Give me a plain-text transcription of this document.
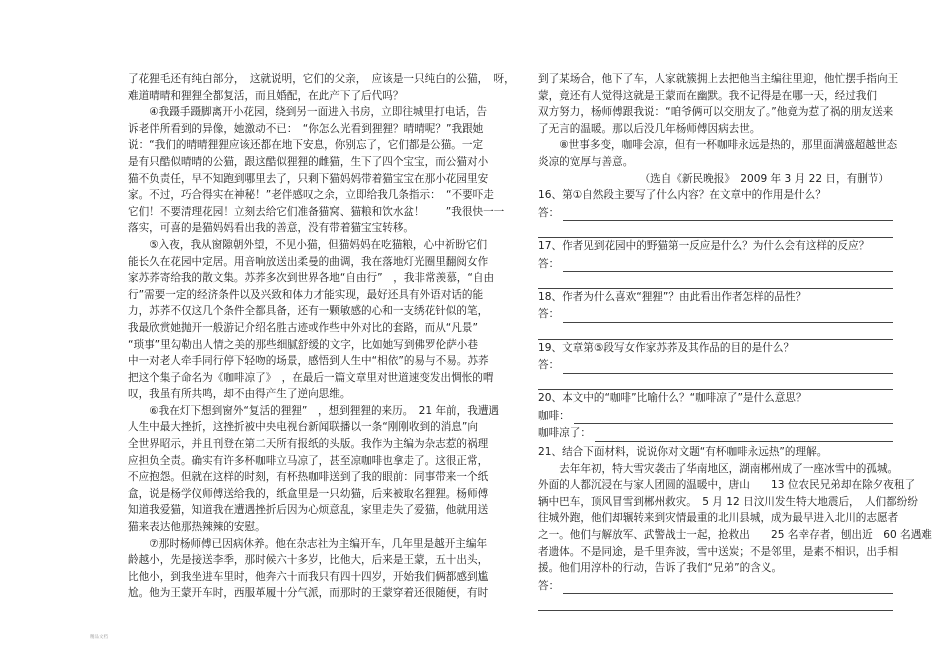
了花狸毛还有纯白部分，　这就说明，它们的父亲，　应该是一只纯白的公猫，　呀，

难道晴晴和狸狸全都复活，而且婚配，在此产下了后代吗？

　　④我蹑手蹑脚离开小花园，绕到另一面进入书房，立即往城里打电话，告

诉老伴所看到的异像，她激动不已：　“你怎么光看到狸狸？晴晴呢？”我跟她

说：“我们的晴晴狸狸应该还都在地下安息，你别忘了，它们都是公猫。一定

是有只酷似晴晴的公猫，跟这酷似狸狸的雌猫，生下了四个宝宝，而公猫对小

猫不负责任，早不知跑到哪里去了，只剩下猫妈妈带着猫宝宝在那小花园里安

家。不过，巧合得实在神秘！”老伴感叹之余，立即给我几条指示：　“不要吓走

它们！不要清理花园！立刻去给它们准备猫窝、猫粮和饮水盆！　　”我很快一一

落实，可喜的是猫妈妈看出我的善意，没有带着猫宝宝转移。

　　⑤入夜，我从窗隙朝外望，不见小猫，但猫妈妈在吃猫粮，心中祈盼它们

能长久在花园中定居。用音响放送出柔曼的曲调，我在落地灯光圈里翻阅女作

家苏荞寄给我的散文集。苏荞多次到世界各地“自由行”　，我非常羡慕，“自由

行”需要一定的经济条件以及兴致和体力才能实现，最好还具有外语对话的能

力，苏荞不仅这几个条件全都具备，还有一颗敏感的心和一支绣花针似的笔，

我最欣赏她抛开一般游记介绍名胜古迹或作些中外对比的套路，而从“凡景”

“琐事”里勾勒出人情之美的那些细腻舒缓的文字，比如她写到佛罗伦萨小巷

中一对老人牵手同行停下轻吻的场景，感悟到人生中“相依”的易与不易。苏荞

把这个集子命名为《咖啡凉了》　，在最后一篇文章里对世道速变发出惆怅的喟

叹，我虽有所共鸣，却不由得产生了逆向思维。

　　⑥我在灯下想到窗外“复活的狸狸”　，想到狸狸的来历。　21 年前，我遭遇

人生中最大挫折，这挫折被中央电视台新闻联播以一条“刚刚收到的消息”向

全世界昭示，并且刊登在第二天所有报纸的头版。我作为主编为杂志惹的祸理

应担负全责。确实有许多杯咖啡立马凉了，甚至凉咖啡也拿走了。这很正常，

不应抱怨。但就在这样的时刻，有杯热咖啡送到了我的眼前：同事带来一个纸

盒，说是杨学仪师傅送给我的，纸盒里是一只幼猫，后来被取名狸狸。杨师傅

知道我爱猫，知道我在遭遇挫折后因为心烦意乱，家里走失了爱猫，他就用送

猫来表达他那热辣辣的安慰。

　　⑦那时杨师傅已因病休养。他在杂志社为主编开车，几年里是越开主编年

龄越小，先是接送李季，那时候六十多岁，比他大，后来是王蒙，五十出头，

比他小，到我坐进车里时，他奔六十而我只有四十四岁，开始我们俩都感到尴

尬。他为王蒙开车时，西服革履十分气派，而那时的王蒙穿着还很随便，有时

到了某场合，他下了车，人家就簇拥上去把他当主编往里迎，他忙摆手指向王

蒙，竟还有人觉得这就是王蒙而在幽默。我不记得是在哪一天，经过我们

双方努力，杨师傅跟我说：“咱爷俩可以交朋友了。”他竟为惹了祸的朋友送来

了无言的温暖。那以后没几年杨师傅因病去世。

　　⑧世事多变，咖啡会凉，但有一杯咖啡永远是热的，那里面满盛超越世态

炎凉的宽厚与善意。

（选自《新民晚报》　2009 年 3 月 22 日，有删节）

16、第①自然段主要写了什么内容？在文章中的作用是什么？

答：

17、作者见到花园中的野猫第一反应是什么？为什么会有这样的反应？

答：

18、作者为什么喜欢“狸狸”？由此看出作者怎样的品性？

答：

19、文章第⑤段写女作家苏荞及其作品的目的是什么？

答：

20、本文中的“咖啡”比喻什么？“咖啡凉了”是什么意思？

咖啡：
咖啡凉了：

21、结合下面材料，说说你对文题“有杯咖啡永远热”的理解。

　　去年年初，特大雪灾袭击了华南地区，湖南郴州成了一座冰雪中的孤城。

外面的人都沉浸在与家人团圆的温暖中，唐山　　13 位农民兄弟却在除夕夜租了

辆中巴车，顶风冒雪到郴州救灾。　5 月 12 日汶川发生特大地震后，　人们都纷纷

往城外跑，他们却辗转来到灾情最重的北川县城，成为最早进入北川的志愿者

之一。他们与解放军、武警战士一起，抢救出　　25 名幸存者，刨出近　60 名遇难

者遗体。不是同途，是千里奔波，雪中送炭；不是邻里，是素不相识，出手相

援。他们用淳朴的行动，告诉了我们“兄弟”的含义。

答：
精品文档
